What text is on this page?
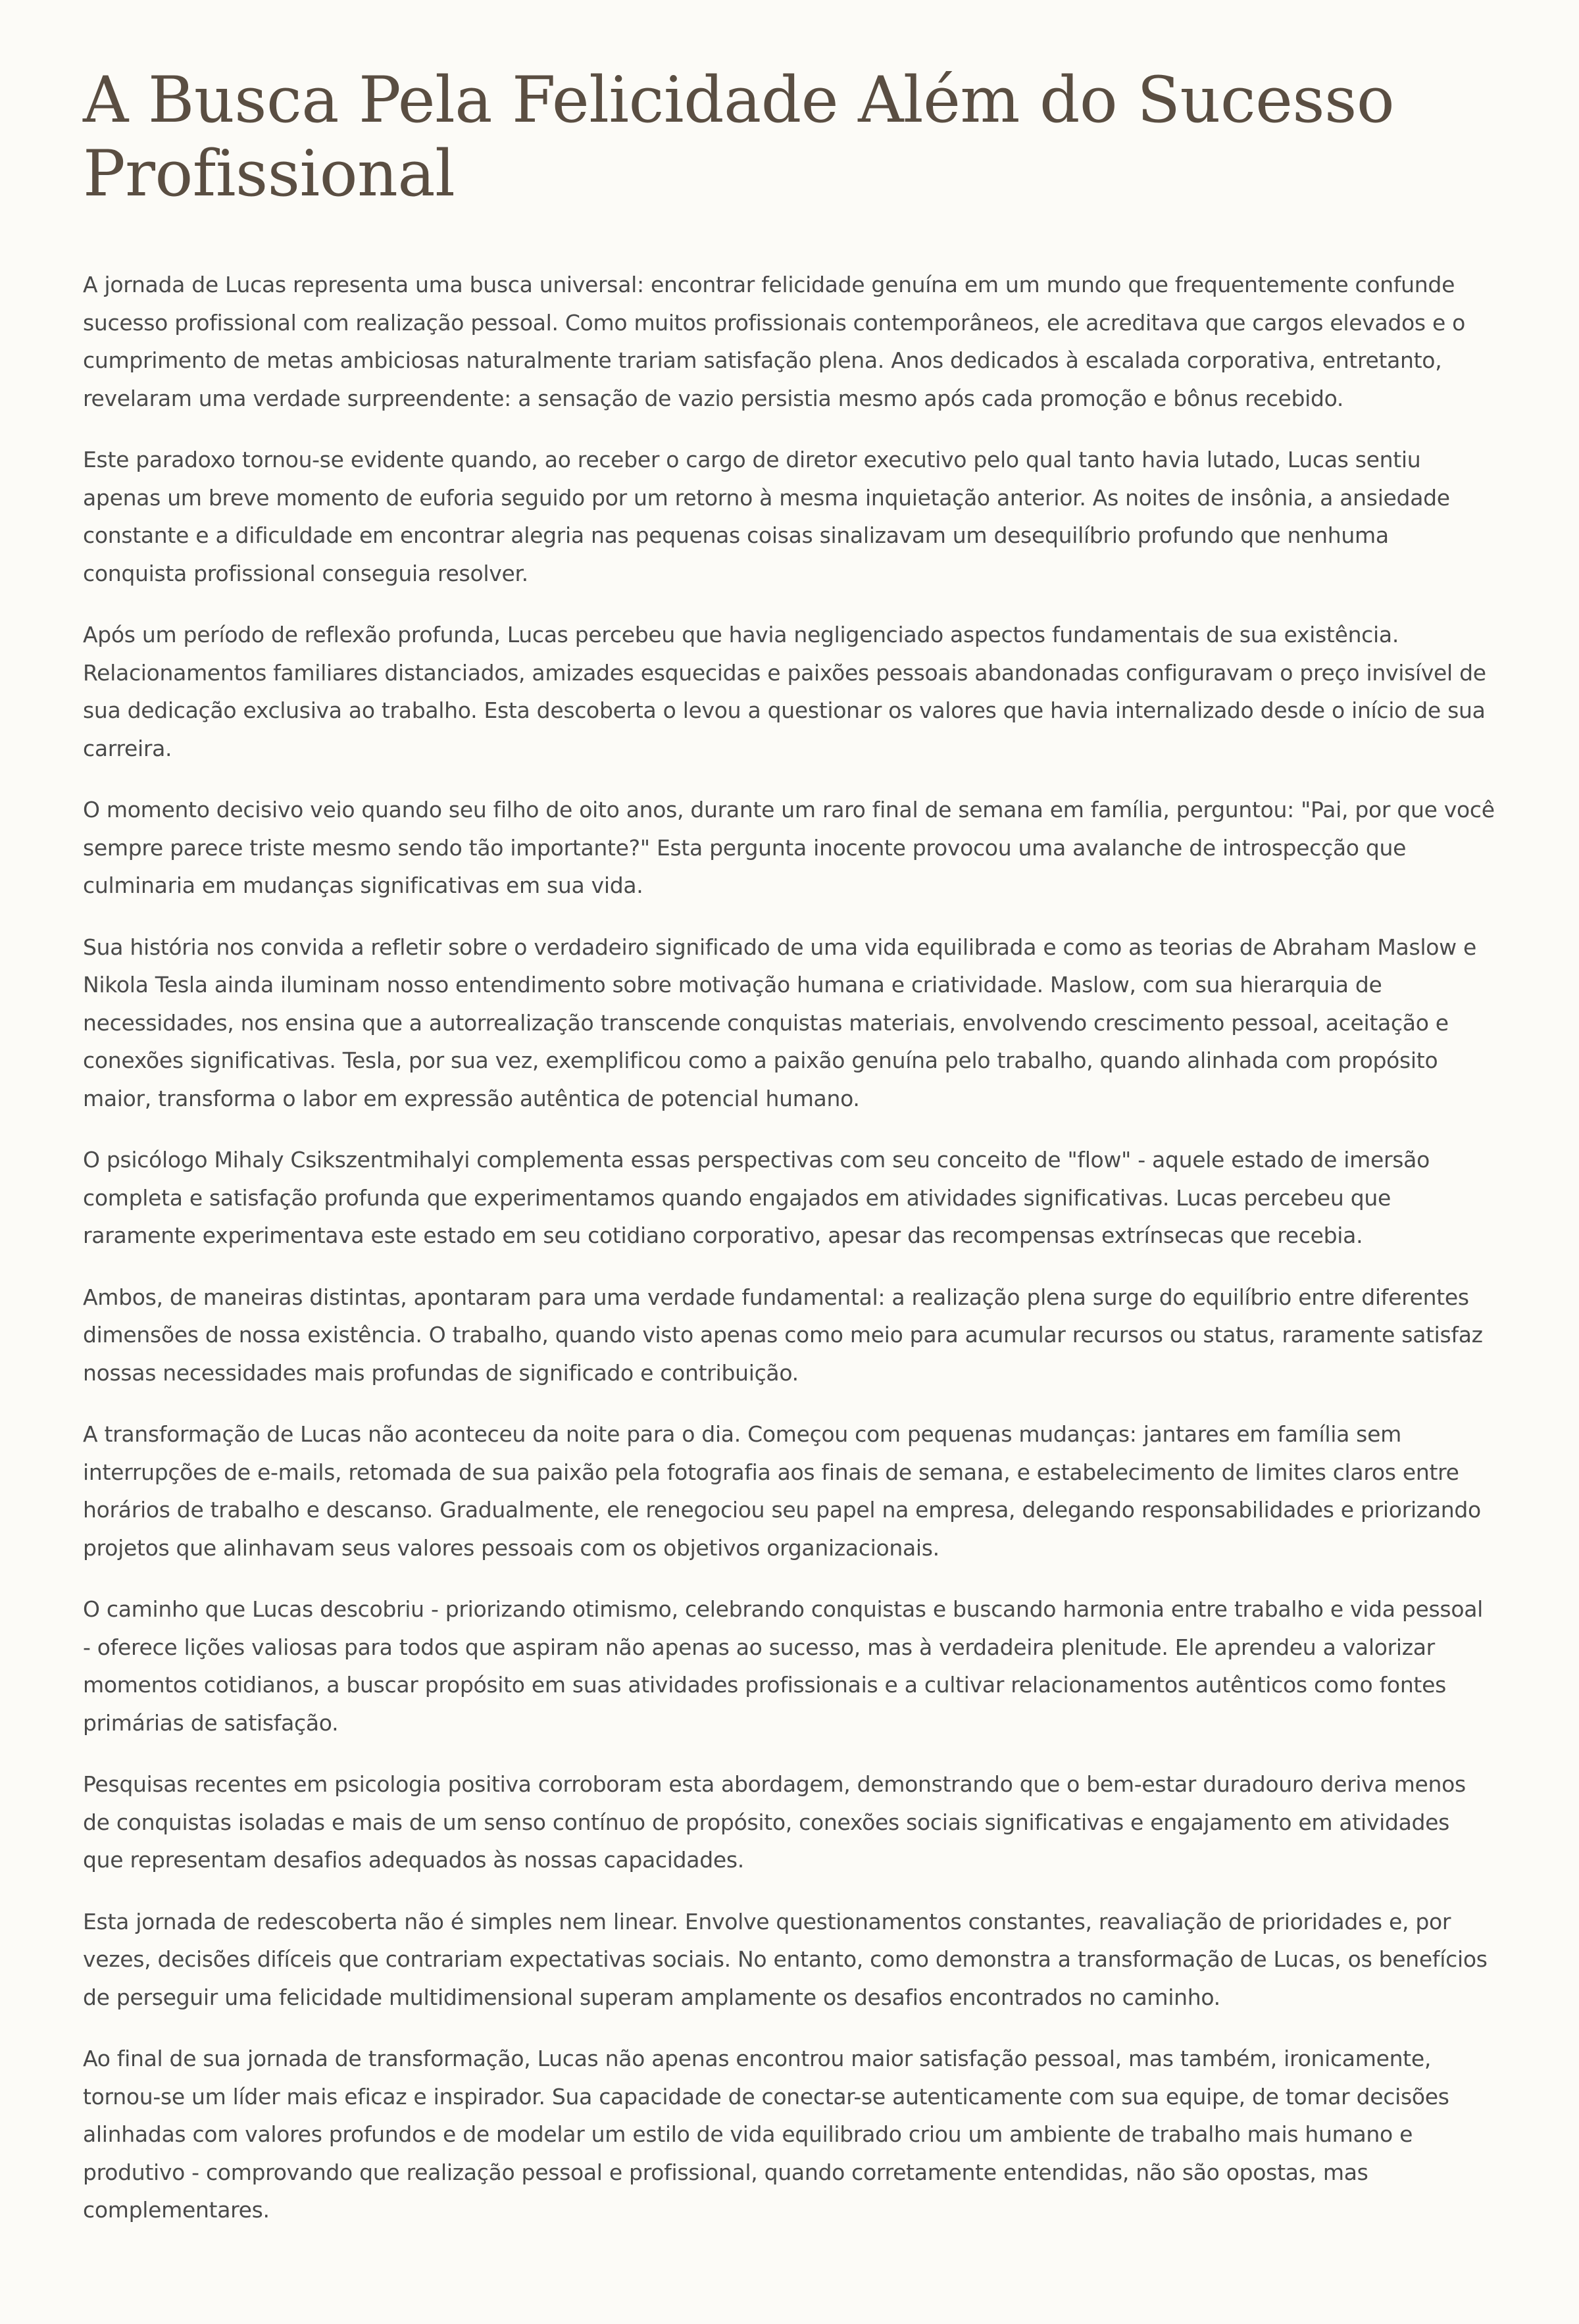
A Busca Pela Felicidade Além do Sucesso Profissional

A jornada de Lucas representa uma busca universal: encontrar felicidade genuína em um mundo que frequentemente confunde sucesso profissional com realização pessoal. Como muitos profissionais contemporâneos, ele acreditava que cargos elevados e o cumprimento de metas ambiciosas naturalmente trariam satisfação plena. Anos dedicados à escalada corporativa, entretanto, revelaram uma verdade surpreendente: a sensação de vazio persistia mesmo após cada promoção e bônus recebido.

Este paradoxo tornou-se evidente quando, ao receber o cargo de diretor executivo pelo qual tanto havia lutado, Lucas sentiu apenas um breve momento de euforia seguido por um retorno à mesma inquietação anterior. As noites de insônia, a ansiedade constante e a dificuldade em encontrar alegria nas pequenas coisas sinalizavam um desequilíbrio profundo que nenhuma conquista profissional conseguia resolver.

Após um período de reflexão profunda, Lucas percebeu que havia negligenciado aspectos fundamentais de sua existência. Relacionamentos familiares distanciados, amizades esquecidas e paixões pessoais abandonadas configuravam o preço invisível de sua dedicação exclusiva ao trabalho. Esta descoberta o levou a questionar os valores que havia internalizado desde o início de sua carreira.

O momento decisivo veio quando seu filho de oito anos, durante um raro final de semana em família, perguntou: "Pai, por que você sempre parece triste mesmo sendo tão importante?" Esta pergunta inocente provocou uma avalanche de introspecção que culminaria em mudanças significativas em sua vida.

Sua história nos convida a refletir sobre o verdadeiro significado de uma vida equilibrada e como as teorias de Abraham Maslow e Nikola Tesla ainda iluminam nosso entendimento sobre motivação humana e criatividade. Maslow, com sua hierarquia de necessidades, nos ensina que a autorrealização transcende conquistas materiais, envolvendo crescimento pessoal, aceitação e conexões significativas. Tesla, por sua vez, exemplificou como a paixão genuína pelo trabalho, quando alinhada com propósito maior, transforma o labor em expressão autêntica de potencial humano.

O psicólogo Mihaly Csikszentmihalyi complementa essas perspectivas com seu conceito de "flow" - aquele estado de imersão completa e satisfação profunda que experimentamos quando engajados em atividades significativas. Lucas percebeu que raramente experimentava este estado em seu cotidiano corporativo, apesar das recompensas extrínsecas que recebia.

Ambos, de maneiras distintas, apontaram para uma verdade fundamental: a realização plena surge do equilíbrio entre diferentes dimensões de nossa existência. O trabalho, quando visto apenas como meio para acumular recursos ou status, raramente satisfaz nossas necessidades mais profundas de significado e contribuição.

A transformação de Lucas não aconteceu da noite para o dia. Começou com pequenas mudanças: jantares em família sem interrupções de e-mails, retomada de sua paixão pela fotografia aos finais de semana, e estabelecimento de limites claros entre horários de trabalho e descanso. Gradualmente, ele renegociou seu papel na empresa, delegando responsabilidades e priorizando projetos que alinhavam seus valores pessoais com os objetivos organizacionais.

O caminho que Lucas descobriu - priorizando otimismo, celebrando conquistas e buscando harmonia entre trabalho e vida pessoal - oferece lições valiosas para todos que aspiram não apenas ao sucesso, mas à verdadeira plenitude. Ele aprendeu a valorizar momentos cotidianos, a buscar propósito em suas atividades profissionais e a cultivar relacionamentos autênticos como fontes primárias de satisfação.

Pesquisas recentes em psicologia positiva corroboram esta abordagem, demonstrando que o bem-estar duradouro deriva menos de conquistas isoladas e mais de um senso contínuo de propósito, conexões sociais significativas e engajamento em atividades que representam desafios adequados às nossas capacidades.

Esta jornada de redescoberta não é simples nem linear. Envolve questionamentos constantes, reavaliação de prioridades e, por vezes, decisões difíceis que contrariam expectativas sociais. No entanto, como demonstra a transformação de Lucas, os benefícios de perseguir uma felicidade multidimensional superam amplamente os desafios encontrados no caminho.

Ao final de sua jornada de transformação, Lucas não apenas encontrou maior satisfação pessoal, mas também, ironicamente, tornou-se um líder mais eficaz e inspirador. Sua capacidade de conectar-se autenticamente com sua equipe, de tomar decisões alinhadas com valores profundos e de modelar um estilo de vida equilibrado criou um ambiente de trabalho mais humano e produtivo - comprovando que realização pessoal e profissional, quando corretamente entendidas, não são opostas, mas complementares.
